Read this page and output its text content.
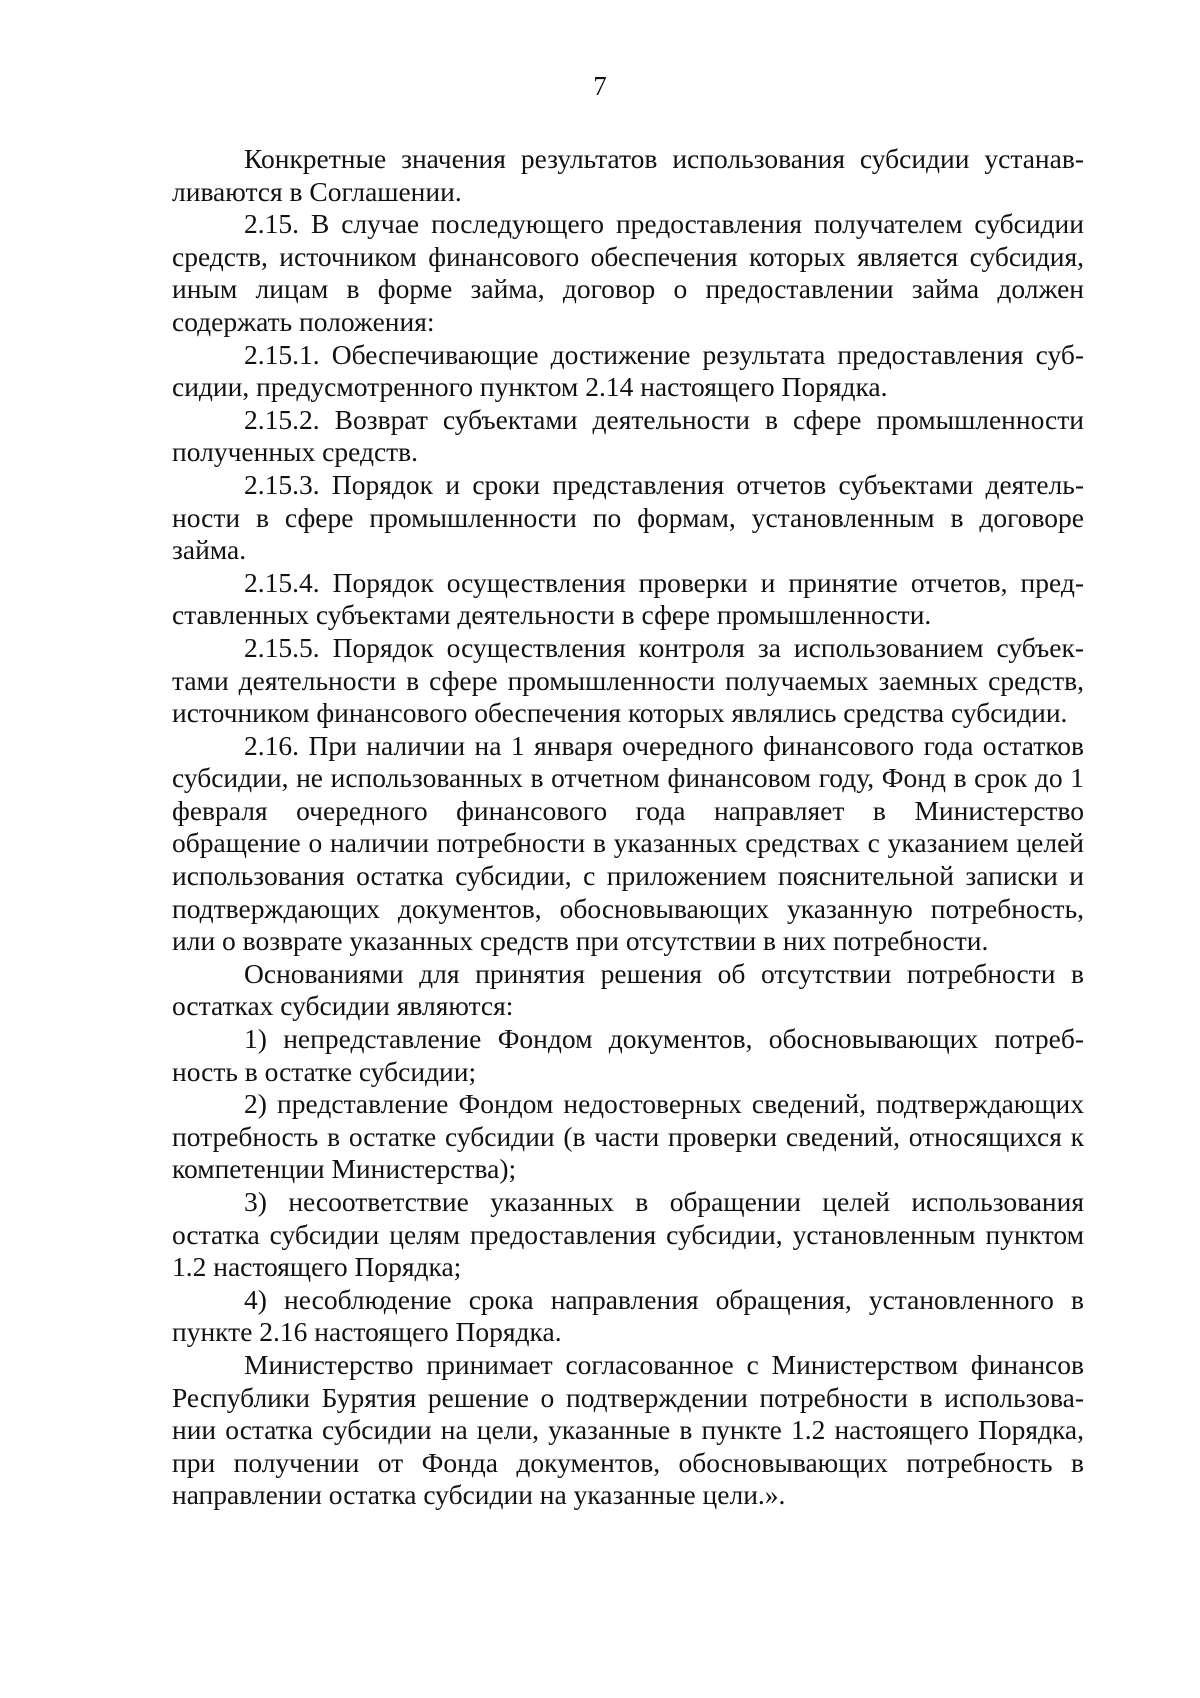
7

Конкретные значения результатов использования субсидии устанавливаются в Соглашении.

2.15. В случае последующего предоставления получателем субсидии средств, источником финансового обеспечения которых является субсидия, иным лицам в форме займа, договор о предоставлении займа должен содержать положения:

2.15.1. Обеспечивающие достижение результата предоставления субсидии, предусмотренного пунктом 2.14 настоящего Порядка.

2.15.2. Возврат субъектами деятельности в сфере промышленности полученных средств.

2.15.3. Порядок и сроки представления отчетов субъектами деятельности в сфере промышленности по формам, установленным в договоре займа.

2.15.4. Порядок осуществления проверки и принятие отчетов, представленных субъектами деятельности в сфере промышленности.

2.15.5. Порядок осуществления контроля за использованием субъектами деятельности в сфере промышленности получаемых заемных средств, источником финансового обеспечения которых являлись средства субсидии.

2.16. При наличии на 1 января очередного финансового года остатков субсидии, не использованных в отчетном финансовом году, Фонд в срок до 1 февраля очередного финансового года направляет в Министерство обращение о наличии потребности в указанных средствах с указанием целей использования остатка субсидии, с приложением пояснительной записки и подтверждающих документов, обосновывающих указанную потребность, или о возврате указанных средств при отсутствии в них потребности.

Основаниями для принятия решения об отсутствии потребности в остатках субсидии являются:

1) непредставление Фондом документов, обосновывающих потребность в остатке субсидии;

2) представление Фондом недостоверных сведений, подтверждающих потребность в остатке субсидии (в части проверки сведений, относящихся к компетенции Министерства);

3) несоответствие указанных в обращении целей использования остатка субсидии целям предоставления субсидии, установленным пунктом 1.2 настоящего Порядка;

4) несоблюдение срока направления обращения, установленного в пункте 2.16 настоящего Порядка.

Министерство принимает согласованное с Министерством финансов Республики Бурятия решение о подтверждении потребности в использовании остатка субсидии на цели, указанные в пункте 1.2 настоящего Порядка, при получении от Фонда документов, обосновывающих потребность в направлении остатка субсидии на указанные цели.».
